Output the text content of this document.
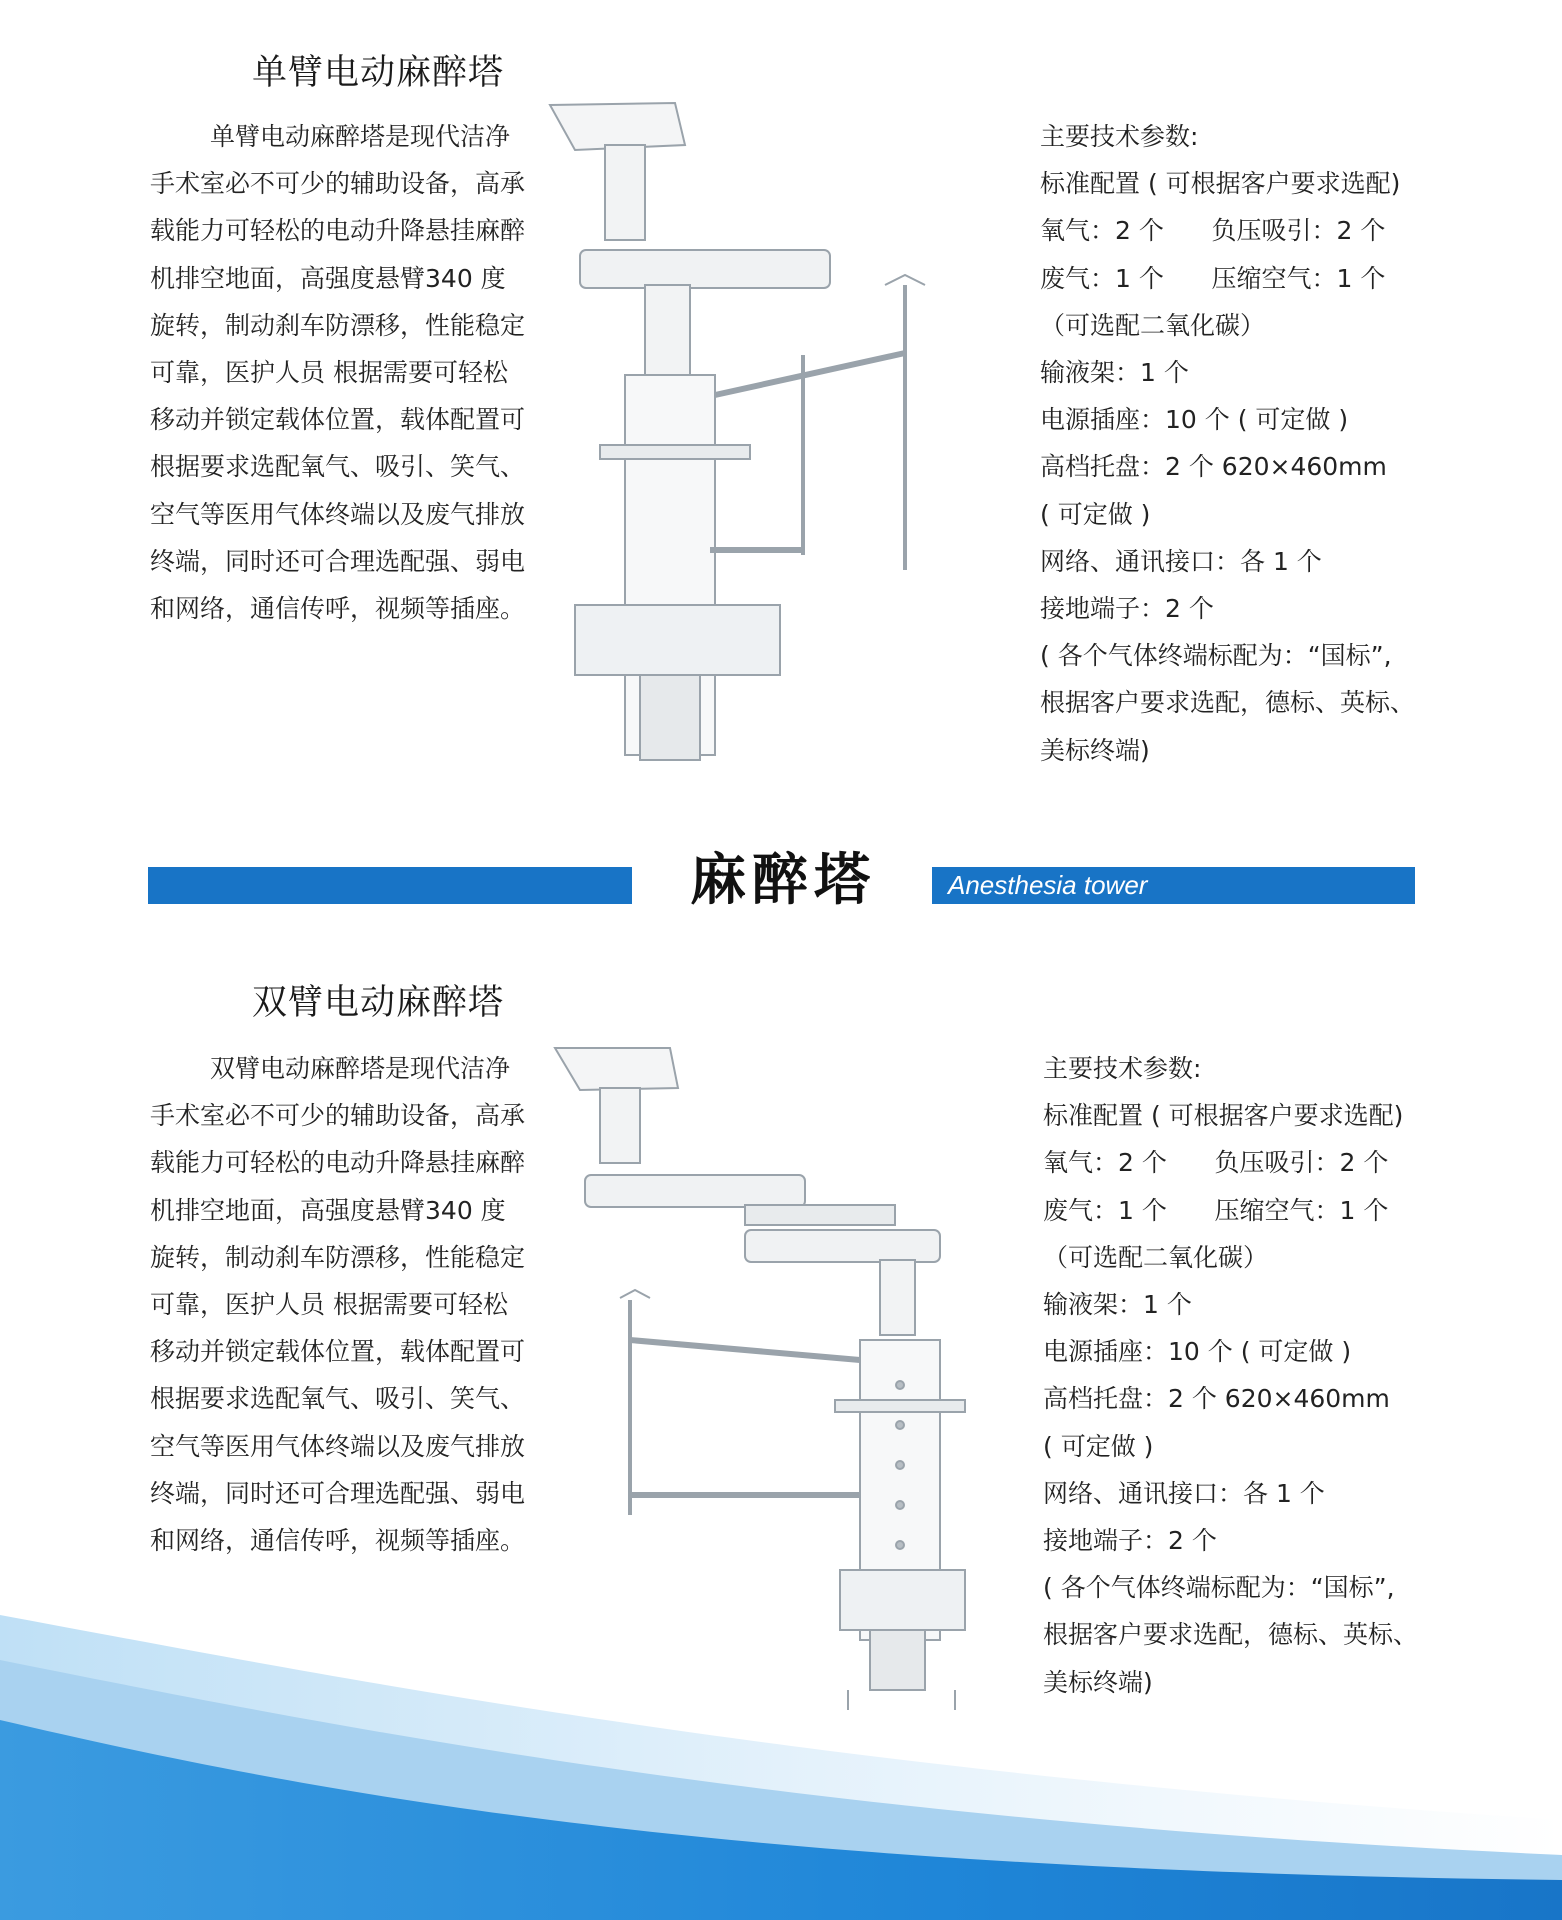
单臂电动麻醉塔

单臂电动麻醉塔是现代洁净手术室必不可少的辅助设备，高承载能力可轻松的电动升降悬挂麻醉机排空地面，高强度悬臂340 度旋转，制动刹车防漂移，性能稳定可靠，医护人员 根据需要可轻松移动并锁定载体位置，载体配置可根据要求选配氧气、吸引、笑气、空气等医用气体终端以及废气排放终端，同时还可合理选配强、弱电和网络，通信传呼，视频等插座。

主要技术参数:
标准配置 ( 可根据客户要求选配)
氧气：2 个      负压吸引：2 个
废气：1 个      压缩空气：1 个
（可选配二氧化碳）
输液架：1 个
电源插座：10 个 ( 可定做 )
高档托盘：2 个 620×460mm
( 可定做 )
网络、通讯接口：各 1 个
接地端子：2 个
( 各个气体终端标配为：“国标”,
根据客户要求选配，德标、英标、
美标终端)
麻醉塔	Anesthesia tower
双臂电动麻醉塔

双臂电动麻醉塔是现代洁净手术室必不可少的辅助设备，高承载能力可轻松的电动升降悬挂麻醉机排空地面，高强度悬臂340 度旋转，制动刹车防漂移，性能稳定可靠，医护人员 根据需要可轻松移动并锁定载体位置，载体配置可根据要求选配氧气、吸引、笑气、空气等医用气体终端以及废气排放终端，同时还可合理选配强、弱电和网络，通信传呼，视频等插座。

主要技术参数:
标准配置 ( 可根据客户要求选配)
氧气：2 个      负压吸引：2 个
废气：1 个      压缩空气：1 个
（可选配二氧化碳）
输液架：1 个
电源插座：10 个 ( 可定做 )
高档托盘：2 个 620×460mm
( 可定做 )
网络、通讯接口：各 1 个
接地端子：2 个
( 各个气体终端标配为：“国标”,
根据客户要求选配，德标、英标、
美标终端)
